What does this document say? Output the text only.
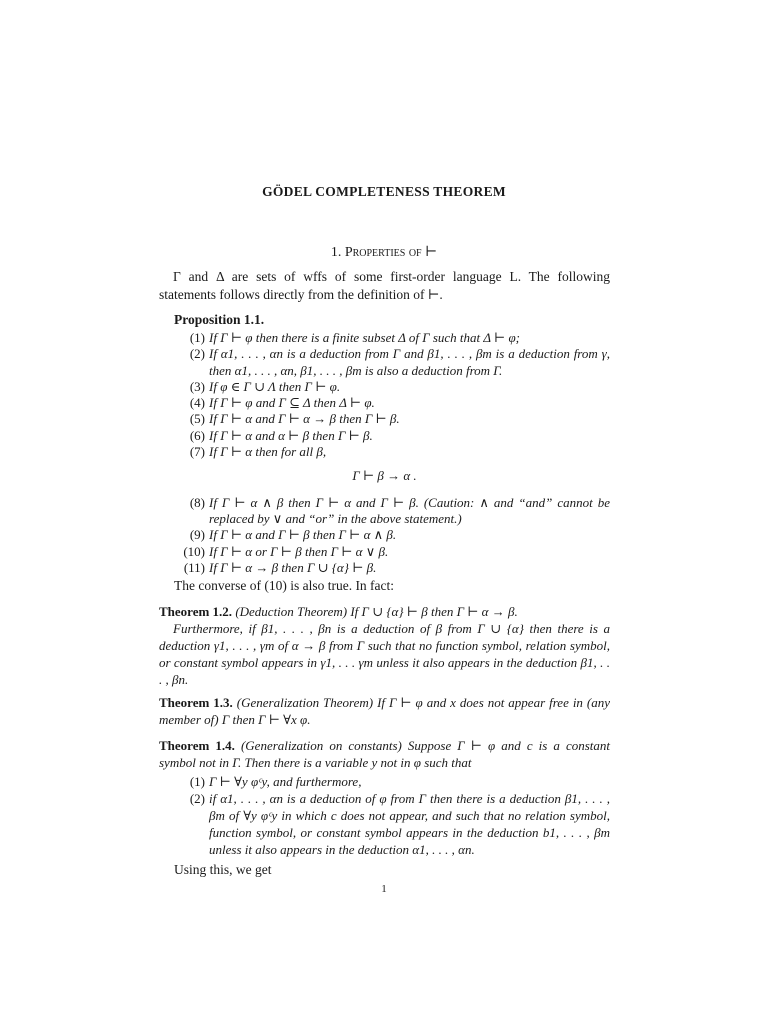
GÖDEL COMPLETENESS THEOREM
1. Properties of ⊢
Γ and Δ are sets of wffs of some first-order language L. The following statements follows directly from the definition of ⊢.
Proposition 1.1.
(1) If Γ ⊢ φ then there is a finite subset Δ of Γ such that Δ ⊢ φ;
(2) If α1, . . . , αn is a deduction from Γ and β1, . . . , βm is a deduction from γ, then α1, . . . , αn, β1, . . . , βm is also a deduction from Γ.
(3) If φ ∈ Γ ∪ Λ then Γ ⊢ φ.
(4) If Γ ⊢ φ and Γ ⊆ Δ then Δ ⊢ φ.
(5) If Γ ⊢ α and Γ ⊢ α → β then Γ ⊢ β.
(6) If Γ ⊢ α and α ⊢ β then Γ ⊢ β.
(7) If Γ ⊢ α then for all β,
Γ ⊢ β → α .
(8) If Γ ⊢ α ∧ β then Γ ⊢ α and Γ ⊢ β. (Caution: ∧ and “and” cannot be replaced by ∨ and “or” in the above statement.)
(9) If Γ ⊢ α and Γ ⊢ β then Γ ⊢ α ∧ β.
(10) If Γ ⊢ α or Γ ⊢ β then Γ ⊢ α ∨ β.
(11) If Γ ⊢ α → β then Γ ∪ {α} ⊢ β.
The converse of (10) is also true. In fact:
Theorem 1.2. (Deduction Theorem) If Γ ∪ {α} ⊢ β then Γ ⊢ α → β.
Furthermore, if β1, . . . , βn is a deduction of β from Γ ∪ {α} then there is a deduction γ1, . . . , γm of α → β from Γ such that no function symbol, relation symbol, or constant symbol appears in γ1, . . . γm unless it also appears in the deduction β1, . . . , βn.
Theorem 1.3. (Generalization Theorem) If Γ ⊢ φ and x does not appear free in (any member of) Γ then Γ ⊢ ∀x φ.
Theorem 1.4. (Generalization on constants) Suppose Γ ⊢ φ and c is a constant symbol not in Γ. Then there is a variable y not in φ such that
(1) Γ ⊢ ∀y φᶜy, and furthermore,
(2) if α1, . . . , αn is a deduction of φ from Γ then there is a deduction β1, . . . , βm of ∀y φᶜy in which c does not appear, and such that no relation symbol, function symbol, or constant symbol appears in the deduction b1, . . . , βm unless it also appears in the deduction α1, . . . , αn.
Using this, we get
1
